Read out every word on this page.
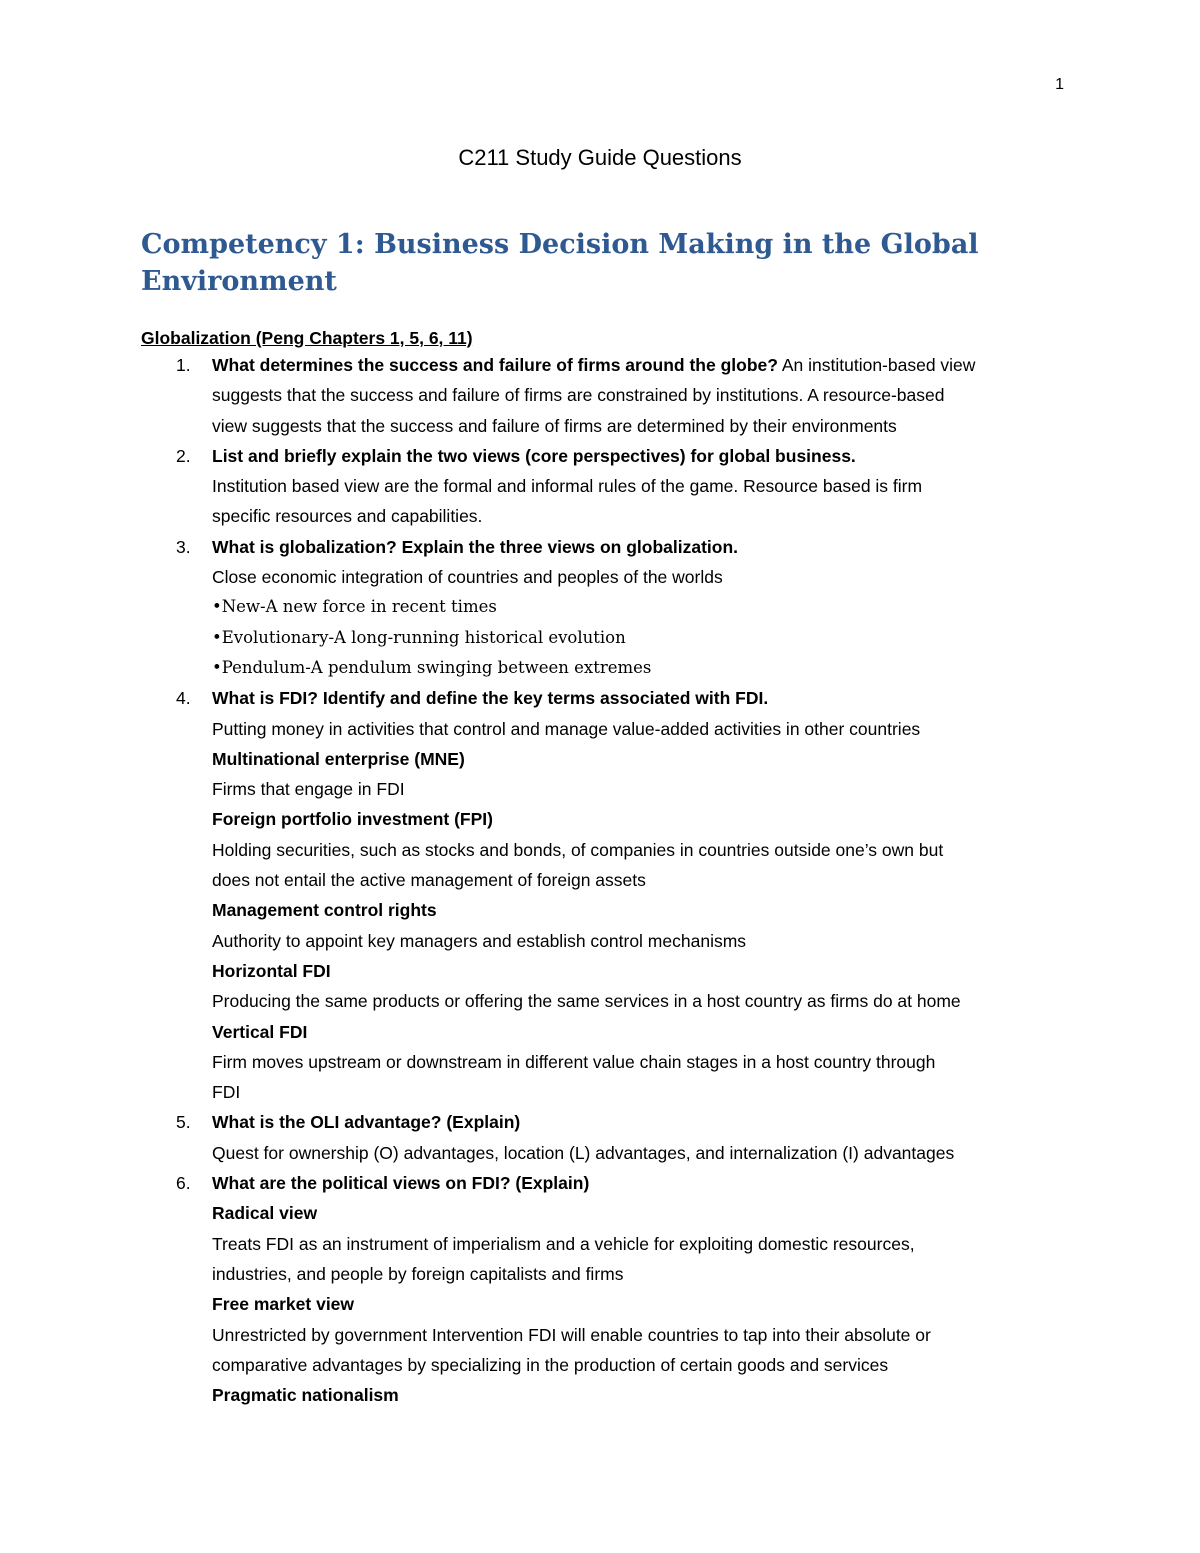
1
C211 Study Guide Questions
Competency 1: Business Decision Making in the Global Environment
Globalization (Peng Chapters 1, 5, 6, 11)
1.	What determines the success and failure of firms around the globe? An institution-based view
suggests that the success and failure of firms are constrained by institutions. A resource-based
view suggests that the success and failure of firms are determined by their environments
2.	List and briefly explain the two views (core perspectives) for global business.
Institution based view are the formal and informal rules of the game. Resource based is firm
specific resources and capabilities.
3.	What is globalization? Explain the three views on globalization.
Close economic integration of countries and peoples of the worlds
•New-A new force in recent times
•Evolutionary-A long-running historical evolution
•Pendulum-A pendulum swinging between extremes
4.	What is FDI? Identify and define the key terms associated with FDI.
Putting money in activities that control and manage value-added activities in other countries
Multinational enterprise (MNE)
Firms that engage in FDI
Foreign portfolio investment (FPI)
Holding securities, such as stocks and bonds, of companies in countries outside one’s own but
does not entail the active management of foreign assets
Management control rights
Authority to appoint key managers and establish control mechanisms
Horizontal FDI
Producing the same products or offering the same services in a host country as firms do at home
Vertical FDI
Firm moves upstream or downstream in different value chain stages in a host country through
FDI
5.	What is the OLI advantage? (Explain)
Quest for ownership (O) advantages, location (L) advantages, and internalization (I) advantages
6.	What are the political views on FDI? (Explain)
Radical view
Treats FDI as an instrument of imperialism and a vehicle for exploiting domestic resources,
industries, and people by foreign capitalists and firms
Free market view
Unrestricted by government Intervention FDI will enable countries to tap into their absolute or
comparative advantages by specializing in the production of certain goods and services
Pragmatic nationalism
